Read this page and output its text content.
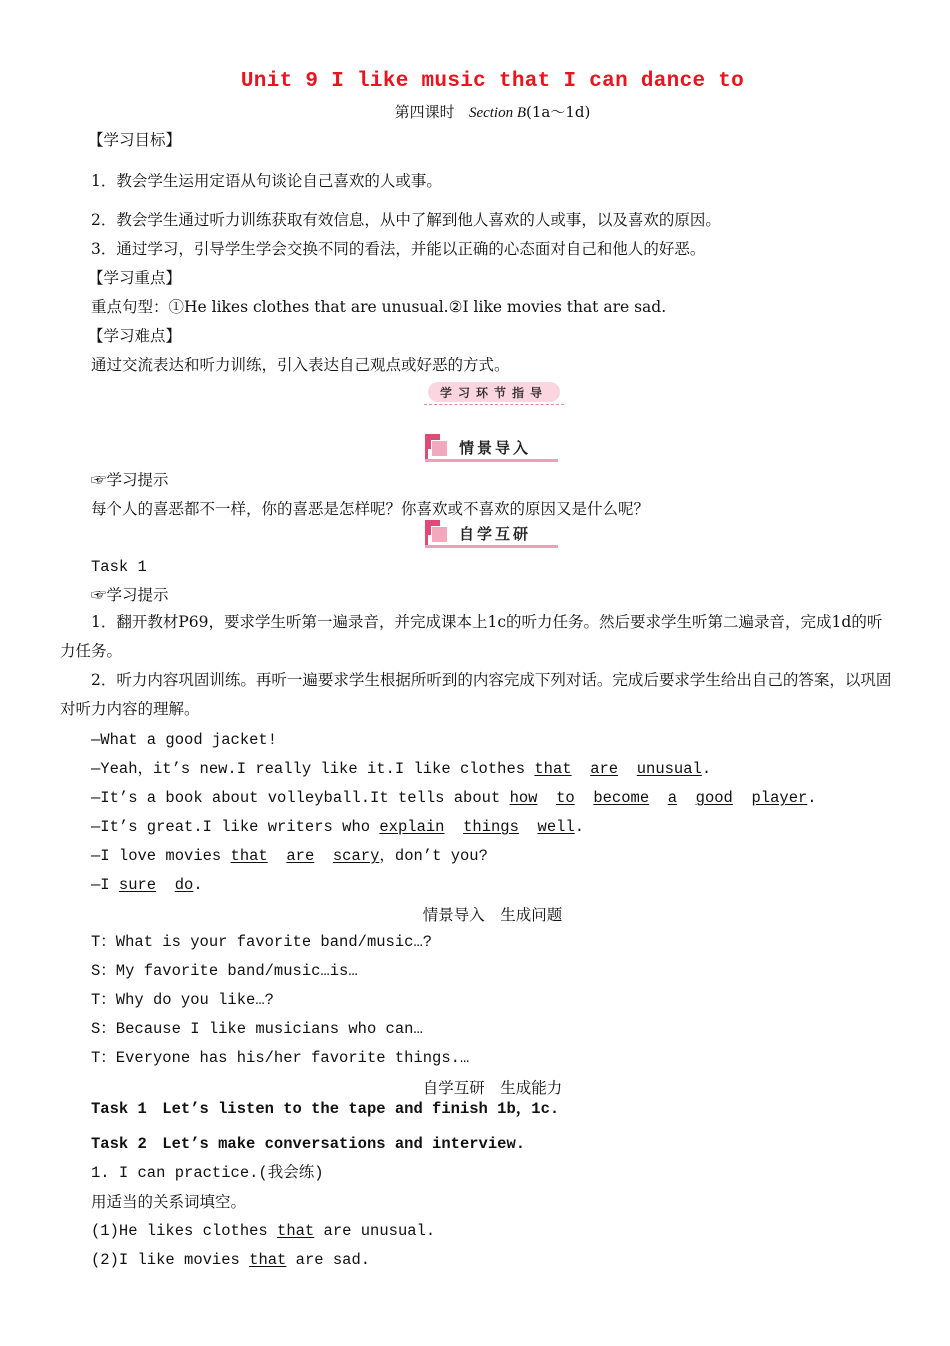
Unit 9 I like music that I can dance to
第四课时 Section B(1a～1d)
【学习目标】
1．教会学生运用定语从句谈论自己喜欢的人或事。
2．教会学生通过听力训练获取有效信息，从中了解到他人喜欢的人或事，以及喜欢的原因。
3．通过学习，引导学生学会交换不同的看法，并能以正确的心态面对自己和他人的好恶。
【学习重点】
重点句型：①He likes clothes that are unusual.②I like movies that are sad.
【学习难点】
通过交流表达和听力训练，引入表达自己观点或好恶的方式。
学习环节指导
情景导入
☞学习提示
每个人的喜恶都不一样，你的喜恶是怎样呢？你喜欢或不喜欢的原因又是什么呢？
自学互研
Task 1
☞学习提示
1．翻开教材P69，要求学生听第一遍录音，并完成课本上1c的听力任务。然后要求学生听第二遍录音，完成1d的听力任务。
2．听力内容巩固训练。再听一遍要求学生根据所听到的内容完成下列对话。完成后要求学生给出自己的答案，以巩固对听力内容的理解。
—What a good jacket!
—Yeah，it’s new.I really like it.I like clothes that are unusual.
—It’s a book about volleyball.It tells about how to become a good player.
—It’s great.I like writers who explain things well.
—I love movies that are scary，don’t you?
—I sure do.
情景导入　生成问题
T：What is your favorite band/music…?
S：My favorite band/music…is…
T：Why do you like…?
S：Because I like musicians who can…
T：Everyone has his/her favorite things.…
自学互研　生成能力
Task 1　Let’s listen to the tape and finish 1b，1c.
Task 2　Let’s make conversations and interview.
1. I can practice.(我会练)
用适当的关系词填空。
(1)He likes clothes that are unusual.
(2)I like movies that are sad.
